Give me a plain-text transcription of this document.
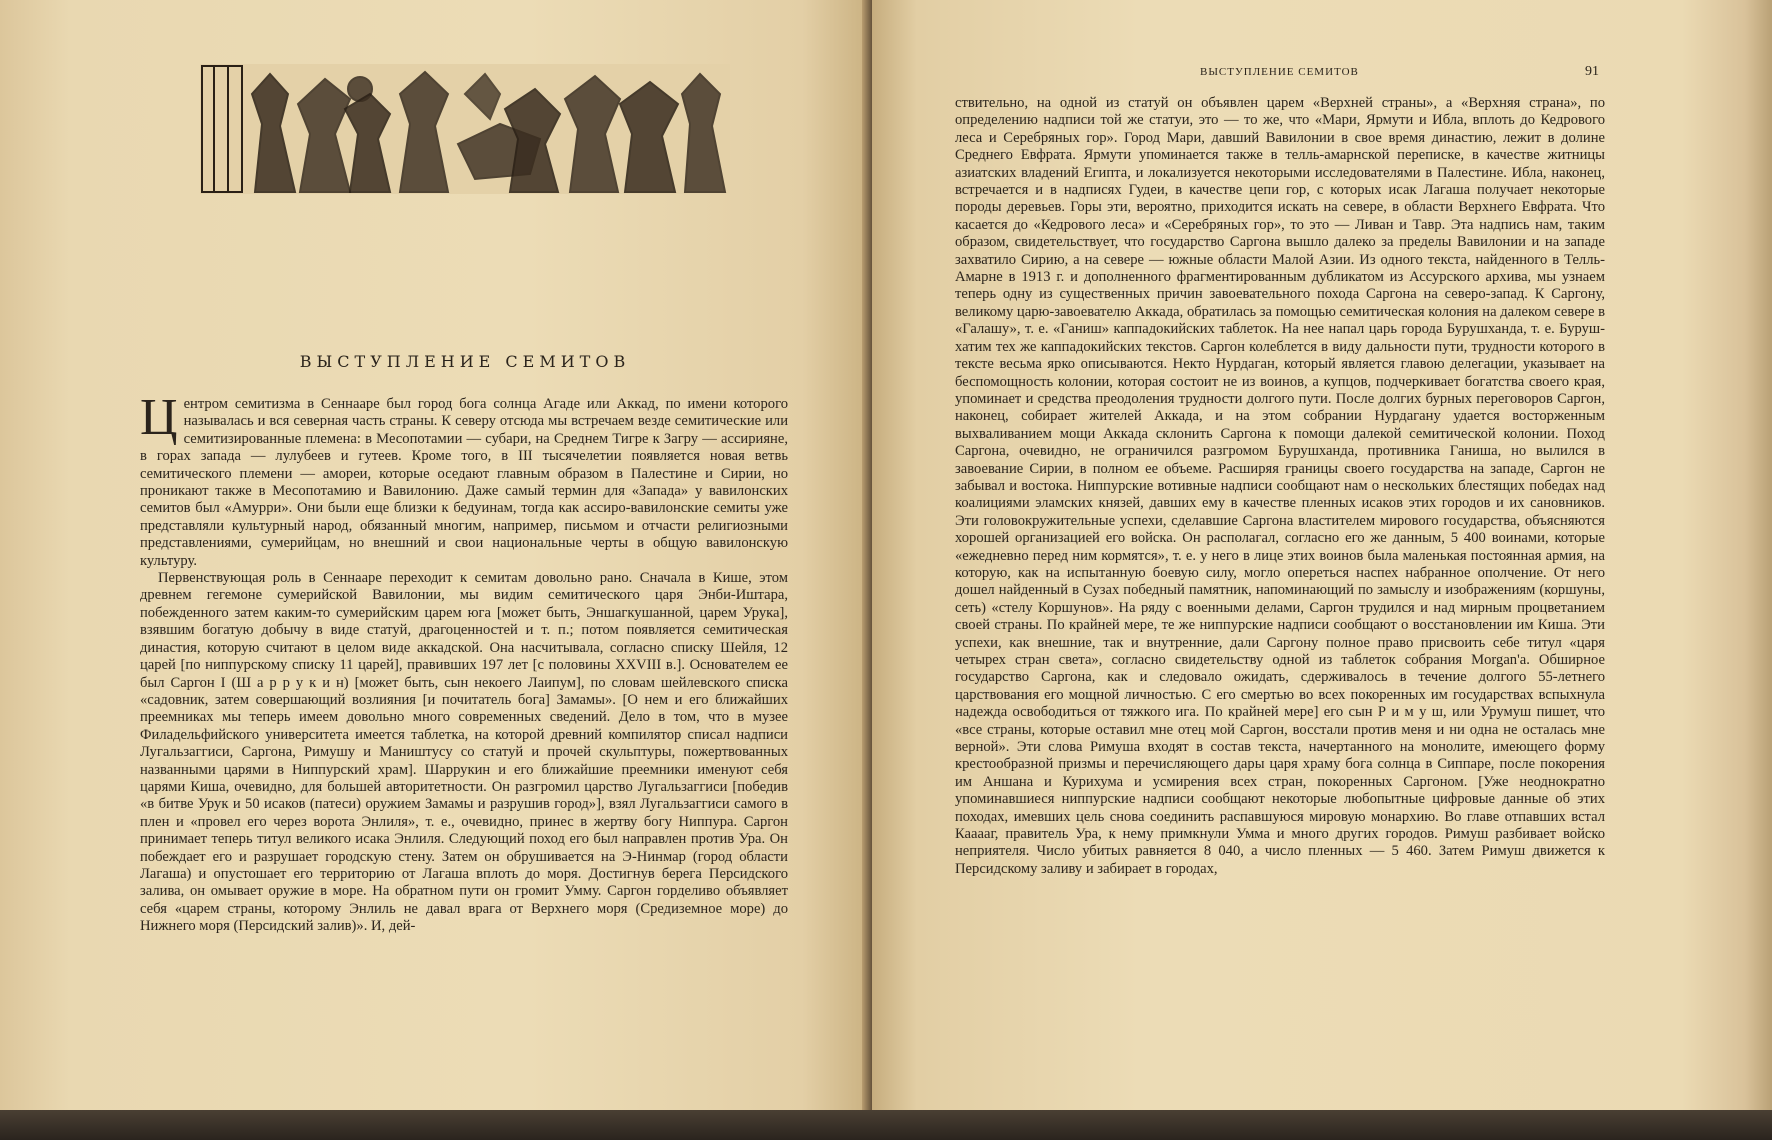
ВЫСТУПЛЕНИЕ СЕМИТОВ

Центром семитизма в Сеннааре был город бога солнца Агаде или Аккад, по имени которого называлась и вся северная часть страны. К северу отсюда мы встречаем везде семитические или семитизированные племена: в Месопотамии — субари, на Среднем Тигре к Загру — ассирияне, в горах запада — лулубеев и гутеев. Кроме того, в III тысячелетии появляется новая ветвь семитического племени — амореи, которые оседают главным образом в Палестине и Сирии, но проникают также в Месопотамию и Вавилонию. Даже самый термин для «Запада» у вавилонских семитов был «Амурри». Они были еще близки к бедуинам, тогда как ассиро-вавилонские семиты уже представляли культурный народ, обязанный многим, например, письмом и отчасти религиозными представлениями, сумерийцам, но внешний и свои национальные черты в общую вавилонскую культуру.

Первенствующая роль в Сеннааре переходит к семитам довольно рано. Сначала в Кише, этом древнем гегемоне сумерийской Вавилонии, мы видим семитического царя Энби-Иштара, побежденного затем каким-то сумерийским царем юга [может быть, Эншагкушанной, царем Урука], взявшим богатую добычу в виде статуй, драгоценностей и т. п.; потом появляется семитическая династия, которую считают в целом виде аккадской. Она насчитывала, согласно списку Шейля, 12 царей [по ниппурскому списку 11 царей], правивших 197 лет [с половины XXVIII в.]. Основателем ее был Саргон I (Ш а р р у к и н) [может быть, сын некоего Лаипум], по словам шейлевского списка «садовник, затем совершающий возлияния [и почитатель бога] Замамы». [О нем и его ближайших преемниках мы теперь имеем довольно много современных сведений. Дело в том, что в музее Филадельфийского университета имеется таблетка, на которой древний компилятор списал надписи Лугальзаггиси, Саргона, Римушу и Маништусу со статуй и прочей скульптуры, пожертвованных названными царями в Ниппурский храм]. Шаррукин и его ближайшие преемники именуют себя царями Киша, очевидно, для большей авторитетности. Он разгромил царство Лугальзаггиси [победив «в битве Урук и 50 исаков (патеси) оружием Замамы и разрушив город»], взял Лугальзаггиси самого в плен и «провел его через ворота Энлиля», т. е., очевидно, принес в жертву богу Ниппура. Саргон принимает теперь титул великого исака Энлиля. Следующий поход его был направлен против Ура. Он побеждает его и разрушает городскую стену. Затем он обрушивается на Э-Нинмар (город области Лагаша) и опустошает его территорию от Лагаша вплоть до моря. Достигнув берега Персидского залива, он омывает оружие в море. На обратном пути он громит Умму. Саргон горделиво объявляет себя «царем страны, которому Энлиль не давал врага от Верхнего моря (Средиземное море) до Нижнего моря (Персидский залив)». И, дей-

ВЫСТУПЛЕНИЕ СЕМИТОВ	91

ствительно, на одной из статуй он объявлен царем «Верхней страны», а «Верхняя страна», по определению надписи той же статуи, это — то же, что «Мари, Ярмути и Ибла, вплоть до Кедрового леса и Серебряных гор». Город Мари, давший Вавилонии в свое время династию, лежит в долине Среднего Евфрата. Ярмути упоминается также в телль-амарнской переписке, в качестве житницы азиатских владений Египта, и локализуется некоторыми исследователями в Палестине. Ибла, наконец, встречается и в надписях Гудеи, в качестве цепи гор, с которых исак Лагаша получает некоторые породы деревьев. Горы эти, вероятно, приходится искать на севере, в области Верхнего Евфрата. Что касается до «Кедрового леса» и «Серебряных гор», то это — Ливан и Тавр. Эта надпись нам, таким образом, свидетельствует, что государство Саргона вышло далеко за пределы Вавилонии и на западе захватило Сирию, а на севере — южные области Малой Азии. Из одного текста, найденного в Телль-Амарне в 1913 г. и дополненного фрагментированным дубликатом из Ассурского архива, мы узнаем теперь одну из существенных причин завоевательного похода Саргона на северо-запад. К Саргону, великому царю-завоевателю Аккада, обратилась за помощью семитическая колония на далеком севере в «Галашу», т. е. «Ганиш» каппадокийских таблеток. На нее напал царь города Бурушханда, т. е. Буруш-хатим тех же каппадокийских текстов. Саргон колеблется в виду дальности пути, трудности которого в тексте весьма ярко описываются. Некто Нурдаган, который является главою делегации, указывает на беспомощность колонии, которая состоит не из воинов, а купцов, подчеркивает богатства своего края, упоминает и средства преодоления трудности долгого пути. После долгих бурных переговоров Саргон, наконец, собирает жителей Аккада, и на этом собрании Нурдагану удается восторженным выхваливанием мощи Аккада склонить Саргона к помощи далекой семитической колонии. Поход Саргона, очевидно, не ограничился разгромом Бурушханда, противника Ганиша, но вылился в завоевание Сирии, в полном ее объеме. Расширяя границы своего государства на западе, Саргон не забывал и востока. Ниппурские вотивные надписи сообщают нам о нескольких блестящих победах над коалициями эламских князей, давших ему в качестве пленных исаков этих городов и их сановников. Эти головокружительные успехи, сделавшие Саргона властителем мирового государства, объясняются хорошей организацией его войска. Он располагал, согласно его же данным, 5 400 воинами, которые «ежедневно перед ним кормятся», т. е. у него в лице этих воинов была маленькая постоянная армия, на которую, как на испытанную боевую силу, могло опереться наспех набранное ополчение. От него дошел найденный в Сузах победный памятник, напоминающий по замыслу и изображениям (коршуны, сеть) «стелу Коршунов». На ряду с военными делами, Саргон трудился и над мирным процветанием своей страны. По крайней мере, те же ниппурские надписи сообщают о восстановлении им Киша. Эти успехи, как внешние, так и внутренние, дали Саргону полное право присвоить себе титул «царя четырех стран света», согласно свидетельству одной из таблеток собрания Morgan'а. Обширное государство Саргона, как и следовало ожидать, сдерживалось в течение долгого 55-летнего царствования его мощной личностью. С его смертью во всех покоренных им государствах вспыхнула надежда освободиться от тяжкого ига. По крайней мере] его сын Р и м у ш, или Урумуш пишет, что «все страны, которые оставил мне отец мой Саргон, восстали против меня и ни одна не осталась мне верной». Эти слова Римуша входят в состав текста, начертанного на монолите, имеющего форму крестообразной призмы и перечисляющего дары царя храму бога солнца в Сиппаре, после покорения им Аншана и Курихума и усмирения всех стран, покоренных Саргоном. [Уже неоднократно упоминавшиеся ниппурские надписи сообщают некоторые любопытные цифровые данные об этих походах, имевших цель снова соединить распавшуюся мировую монархию. Во главе отпавших встал Кааааг, правитель Ура, к нему примкнули Умма и много других городов. Римуш разбивает войско неприятеля. Число убитых равняется 8 040, а число пленных — 5 460. Затем Римуш движется к Персидскому заливу и забирает в городах,
